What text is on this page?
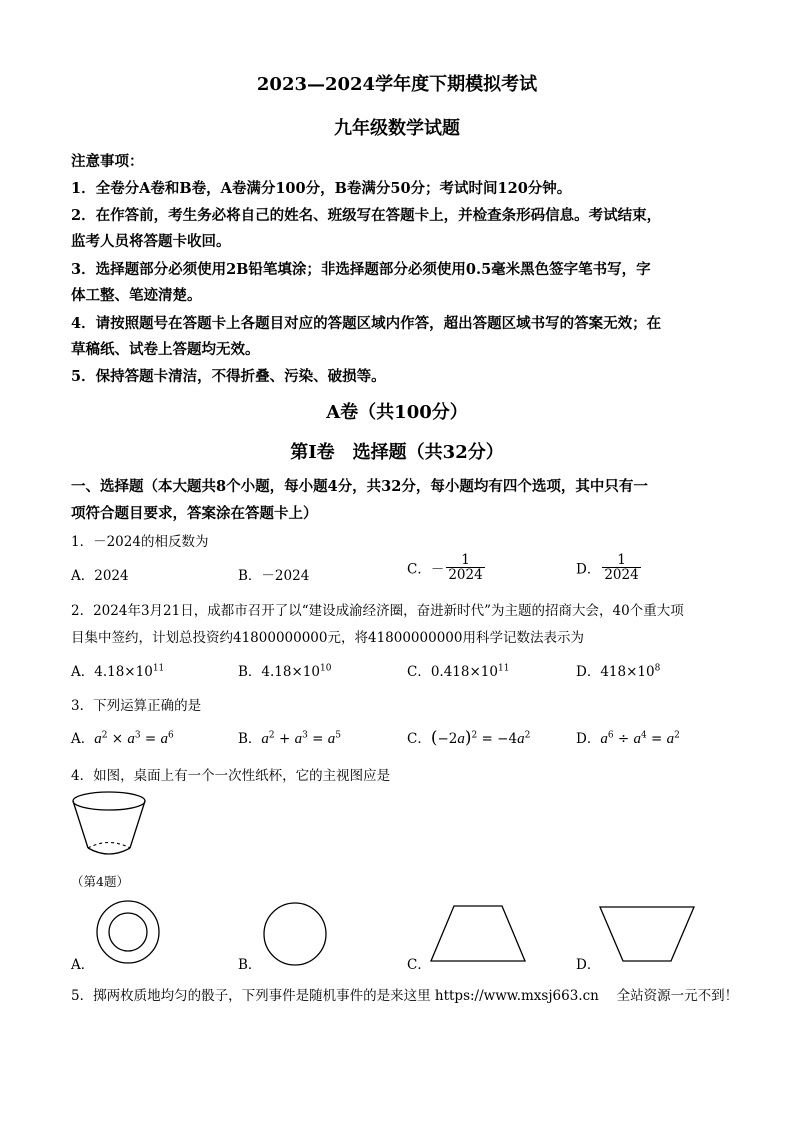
2023—2024学年度下期模拟考试
九年级数学试题
注意事项：
1．全卷分A卷和B卷，A卷满分100分，B卷满分50分；考试时间120分钟。
2．在作答前，考生务必将自己的姓名、班级写在答题卡上，并检查条形码信息。考试结束，
监考人员将答题卡收回。
3．选择题部分必须使用2B铅笔填涂；非选择题部分必须使用0.5毫米黑色签字笔书写，字
体工整、笔迹清楚。
4．请按照题号在答题卡上各题目对应的答题区域内作答，超出答题区域书写的答案无效；在
草稿纸、试卷上答题均无效。
5．保持答题卡清洁，不得折叠、污染、破损等。
A卷（共100分）
第Ⅰ卷　选择题（共32分）
一、选择题（本大题共8个小题，每小题4分，共32分，每小题均有四个选项，其中只有一
项符合题目要求，答案涂在答题卡上）
1．－2024的相反数为
A．2024	B．－2024	C．－ $\frac{1}{2024}$	D． $\frac{1}{2024}$
2．2024年3月21日，成都市召开了以“建设成渝经济圈，奋进新时代”为主题的招商大会，40个重大项
目集中签约，计划总投资约41800000000元，将41800000000用科学记数法表示为
A．$4.18\times 10^{11}$	B．$4.18\times 10^{10}$	C．$0.418\times 10^{11}$	D．$418\times 10^8$
3．下列运算正确的是
A．$a^2 \times a^3 = a^6$	B．$a^2 + a^3 = a^5$	C．$(-2a)^2 = -4a^2$	D．$a^6 \div a^4 = a^2$
4．如图，桌面上有一个一次性纸杯，它的主视图应是
（第4题）
A．	B．	C．	D．
5．掷两枚质地均匀的骰子，下列事件是随机事件的是来这里 https://www.mxsj663.cn　 全站资源一元不到！
